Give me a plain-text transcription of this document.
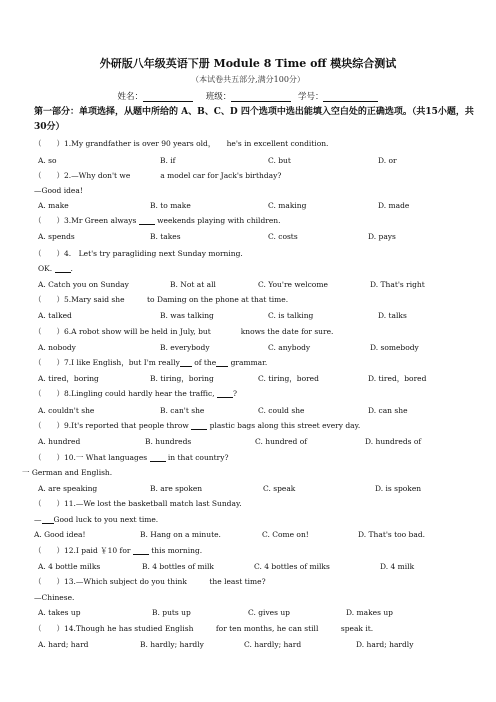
外研版八年级英语下册 Module 8 Time off 模块综合测试
（本试卷共五部分,满分100分）
姓名：	班级：	学号：
第一部分：单项选择，从题中所给的 A、B、C、D 四个选项中选出能填入空白处的正确选项。（共15小题，共30分）
（　　）1.My grandfather is over 90 years old，　　he's in excellent condition.
A. so	B. if	C. but	D. or
（　　）2.—Why don't we　　　　a model car for Jack's birthday?
—Good idea!
A. make	B. to make	C. making	D. made
（　　）3.Mr Green always	weekends playing with children.
A. spends	B. takes	C. costs	D. pays
（　　）4.　Let's try paragliding next Sunday morning.
OK. .
A. Catch you on Sunday	B. Not at all	C. You're welcome	D. That's right
（　　）5.Mary said she　　　to Daming on the phone at that time.
A. talked	B. was talking	C. is talking	D. talks
（　　）6.A robot show will be held in July, but　　　　knows the date for sure.
A. nobody	B. everybody	C. anybody	D. somebody
（　　）7.I like English，but I'm really of the grammar.
A. tired，boring	B. tiring，boring	C. tiring，bored	D. tired，bored
（　　）8.Lingling could hardly hear the traffic, ?
A. couldn't she	B. can't she	C. could she	D. can she
（　　）9.It's reported that people throw	plastic bags along this street every day.
A. hundred	B. hundreds	C. hundred of	D. hundreds of
（　　）10.一 What languages	in that country?
一 German and English.
A. are speaking	B. are spoken	C. speak	D. is spoken
（　　）11.—We lost the basketball match last Sunday.
— Good luck to you next time.
A. Good idea!	B. Hang on a minute.	C. Come on!	D. That's too bad.
（　　）12.I paid ￥10 for	this morning.
A. 4 bottle milks	B. 4 bottles of milk	C. 4 bottles of milks	D. 4 milk
（　　）13.—Which subject do you think　　　the least time?
—Chinese.
A. takes up	B. puts up	C. gives up	D. makes up
（　　）14.Though he has studied English　　　for ten months, he can still　　　speak it.
A. hard; hard	B. hardly; hardly	C. hardly; hard	D. hard; hardly
